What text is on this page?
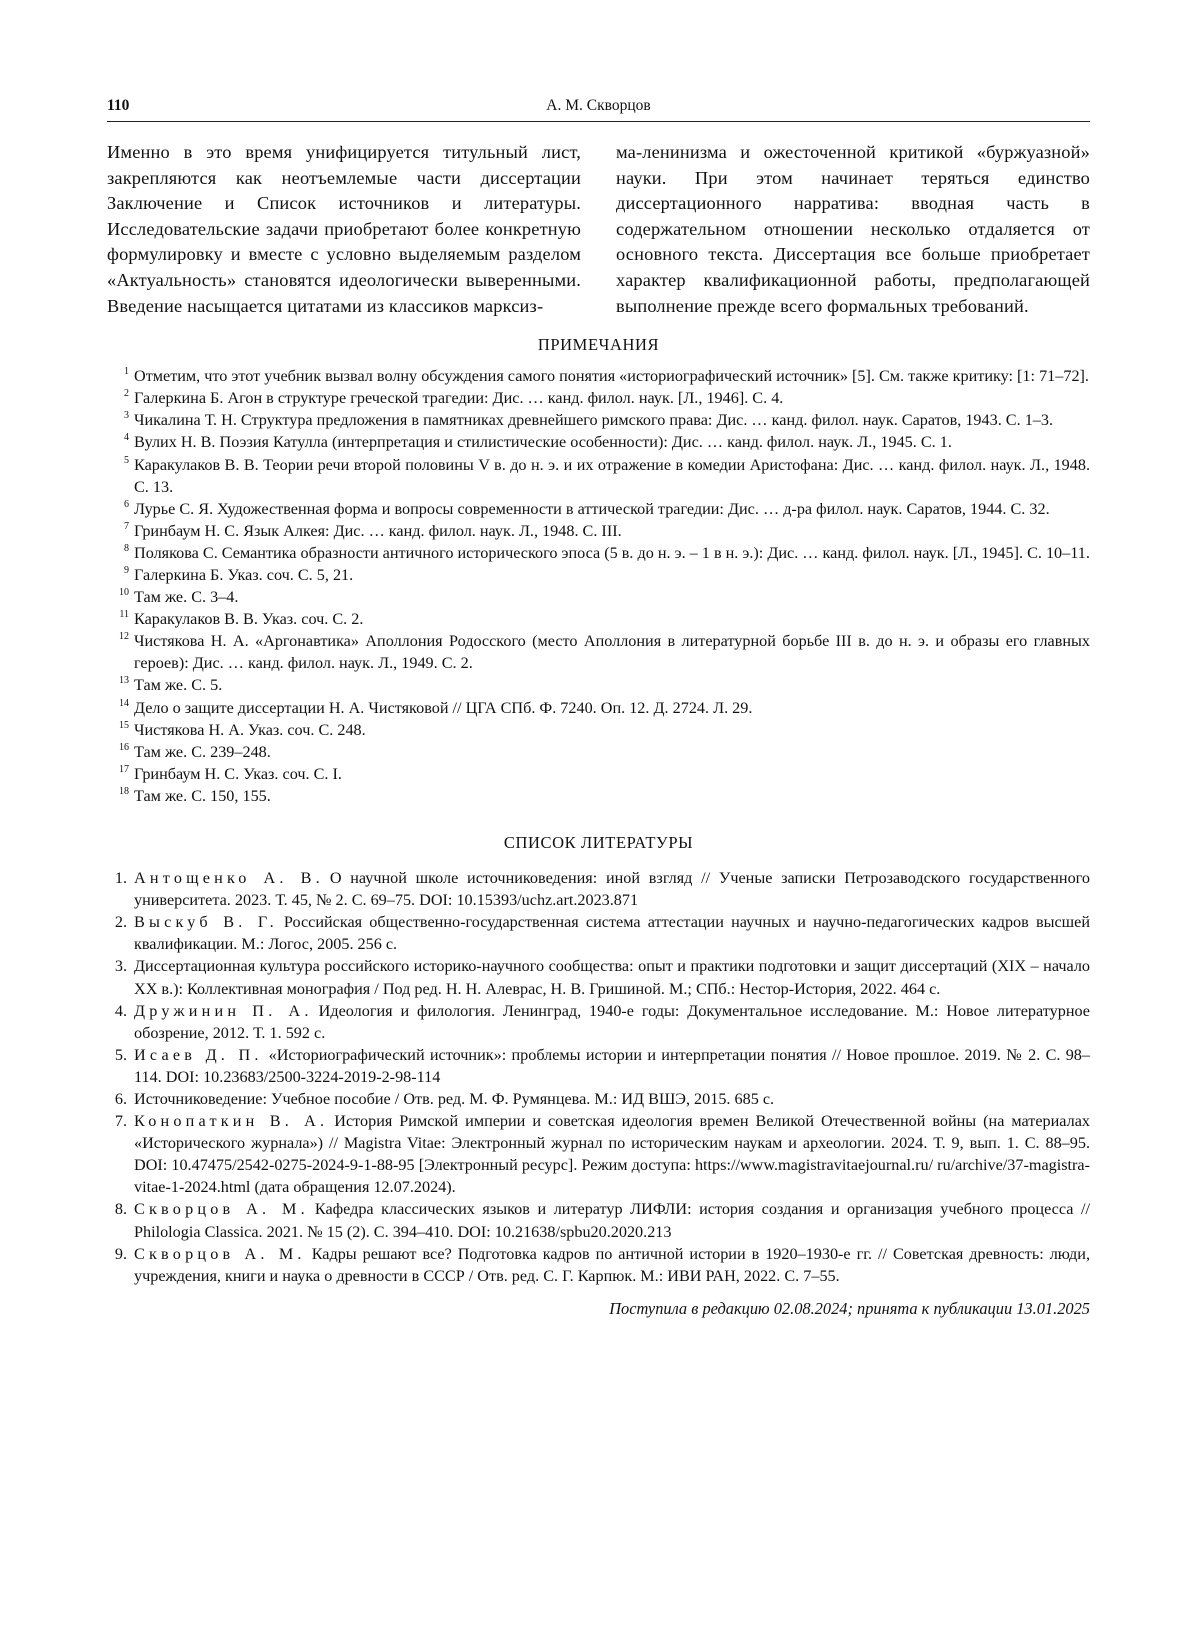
110	А. М. Скворцов

Именно в это время унифицируется титульный лист, закрепляются как неотъемлемые части диссертации Заключение и Список источников и литературы. Исследовательские задачи приобретают более конкретную формулировку и вместе с условно выделяемым разделом «Актуальность» становятся идеологически выверенными. Введение насыщается цитатами из классиков марксиз-

ма-ленинизма и ожесточенной критикой «буржуазной» науки. При этом начинает теряться единство диссертационного нарратива: вводная часть в содержательном отношении несколько отдаляется от основного текста. Диссертация все больше приобретает характер квалификационной работы, предполагающей выполнение прежде всего формальных требований.

ПРИМЕЧАНИЯ
1 Отметим, что этот учебник вызвал волну обсуждения самого понятия «историографический источник» [5]. См. также критику: [1: 71–72].
2 Галеркина Б. Агон в структуре греческой трагедии: Дис. … канд. филол. наук. [Л., 1946]. С. 4.
3 Чикалина Т. Н. Структура предложения в памятниках древнейшего римского права: Дис. … канд. филол. наук. Саратов, 1943. С. 1–3.
4 Вулих Н. В. Поэзия Катулла (интерпретация и стилистические особенности): Дис. … канд. филол. наук. Л., 1945. С. 1.
5 Каракулаков В. В. Теории речи второй половины V в. до н. э. и их отражение в комедии Аристофана: Дис. … канд. филол. наук. Л., 1948. С. 13.
6 Лурье С. Я. Художественная форма и вопросы современности в аттической трагедии: Дис. … д-ра филол. наук. Саратов, 1944. С. 32.
7 Гринбаум Н. С. Язык Алкея: Дис. … канд. филол. наук. Л., 1948. С. III.
8 Полякова С. Семантика образности античного исторического эпоса (5 в. до н. э. – 1 в н. э.): Дис. … канд. филол. наук. [Л., 1945]. С. 10–11.
9 Галеркина Б. Указ. соч. С. 5, 21.
10 Там же. С. 3–4.
11 Каракулаков В. В. Указ. соч. С. 2.
12 Чистякова Н. А. «Аргонавтика» Аполлония Родосского (место Аполлония в литературной борьбе III в. до н. э. и образы его главных героев): Дис. … канд. филол. наук. Л., 1949. С. 2.
13 Там же. С. 5.
14 Дело о защите диссертации Н. А. Чистяковой // ЦГА СПб. Ф. 7240. Оп. 12. Д. 2724. Л. 29.
15 Чистякова Н. А. Указ. соч. С. 248.
16 Там же. С. 239–248.
17 Гринбаум Н. С. Указ. соч. С. I.
18 Там же. С. 150, 155.
СПИСОК ЛИТЕРАТУРЫ
1. Антощенко А. В. О научной школе источниковедения: иной взгляд // Ученые записки Петрозаводского государственного университета. 2023. Т. 45, № 2. С. 69–75. DOI: 10.15393/uchz.art.2023.871
2. Выскуб В. Г. Российская общественно-государственная система аттестации научных и научно-педагогических кадров высшей квалификации. М.: Логос, 2005. 256 с.
3. Диссертационная культура российского историко-научного сообщества: опыт и практики подготовки и защит диссертаций (XIX – начало XX в.): Коллективная монография / Под ред. Н. Н. Алеврас, Н. В. Гришиной. М.; СПб.: Нестор-История, 2022. 464 с.
4. Дружинин П. А. Идеология и филология. Ленинград, 1940-е годы: Документальное исследование. М.: Новое литературное обозрение, 2012. Т. 1. 592 с.
5. Исаев Д. П. «Историографический источник»: проблемы истории и интерпретации понятия // Новое прошлое. 2019. № 2. С. 98–114. DOI: 10.23683/2500-3224-2019-2-98-114
6. Источниковедение: Учебное пособие / Отв. ред. М. Ф. Румянцева. М.: ИД ВШЭ, 2015. 685 с.
7. Конопаткин В. А. История Римской империи и советская идеология времен Великой Отечественной войны (на материалах «Исторического журнала») // Magistra Vitae: Электронный журнал по историческим наукам и археологии. 2024. Т. 9, вып. 1. С. 88–95. DOI: 10.47475/2542-0275-2024-9-1-88-95 [Электронный ресурс]. Режим доступа: https://www.magistravitaejournal.ru/ ru/archive/37-magistra-vitae-1-2024.html (дата обращения 12.07.2024).
8. Скворцов А. М. Кафедра классических языков и литератур ЛИФЛИ: история создания и организация учебного процесса // Philologia Classica. 2021. № 15 (2). С. 394–410. DOI: 10.21638/spbu20.2020.213
9. Скворцов А. М. Кадры решают все? Подготовка кадров по античной истории в 1920–1930-е гг. // Советская древность: люди, учреждения, книги и наука о древности в СССР / Отв. ред. С. Г. Карпюк. М.: ИВИ РАН, 2022. С. 7–55.
Поступила в редакцию 02.08.2024; принята к публикации 13.01.2025
